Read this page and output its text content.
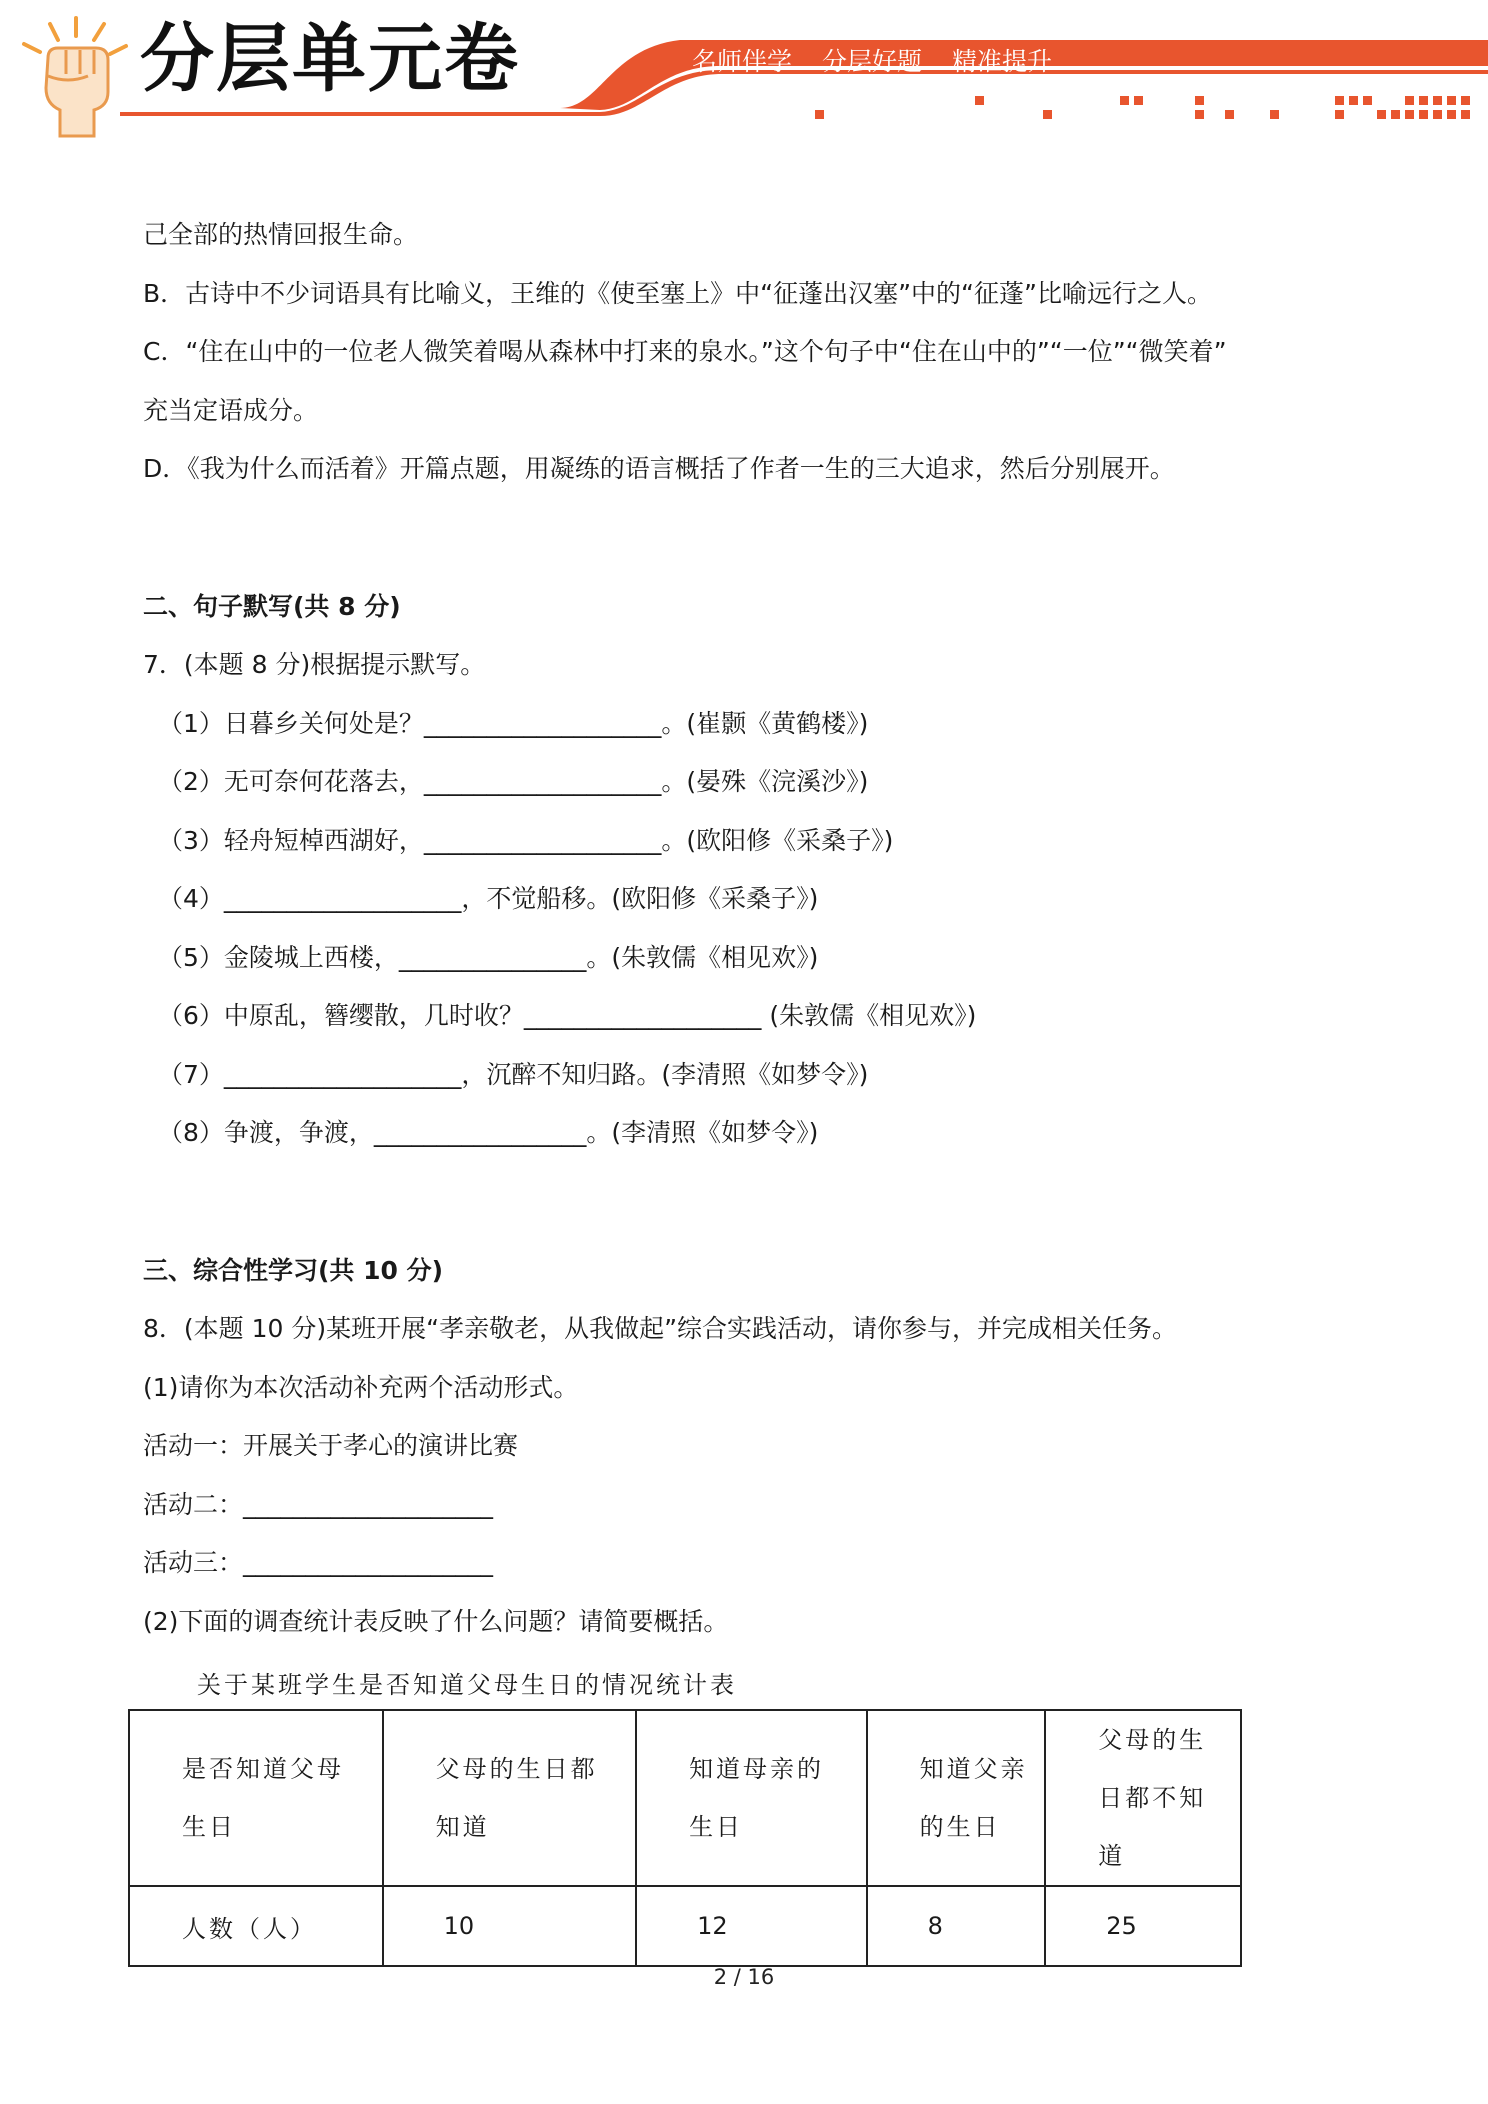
分层单元卷	名师伴学 分层好题 精准提升
己全部的热情回报生命。
B．古诗中不少词语具有比喻义，王维的《使至塞上》中“征蓬出汉塞”中的“征蓬”比喻远行之人。
C．“住在山中的一位老人微笑着喝从森林中打来的泉水。”这个句子中“住在山中的”“一位”“微笑着”
充当定语成分。
D．《我为什么而活着》开篇点题，用凝练的语言概括了作者一生的三大追求，然后分别展开。
二、句子默写(共 8 分)
7．(本题 8 分)根据提示默写。
（1）日暮乡关何处是？___________________。(崔颢《黄鹤楼》)
（2）无可奈何花落去，___________________。(晏殊《浣溪沙》)
（3）轻舟短棹西湖好，___________________。(欧阳修《采桑子》)
（4）___________________，不觉船移。(欧阳修《采桑子》)
（5）金陵城上西楼，_______________。(朱敦儒《相见欢》)
（6）中原乱，簪缨散，几时收？___________________ (朱敦儒《相见欢》)
（7）___________________，沉醉不知归路。(李清照《如梦令》)
（8）争渡，争渡，_________________。(李清照《如梦令》)
三、综合性学习(共 10 分)
8．(本题 10 分)某班开展“孝亲敬老，从我做起”综合实践活动，请你参与，并完成相关任务。
(1)请你为本次活动补充两个活动形式。
活动一：开展关于孝心的演讲比赛
活动二：____________________
活动三：____________________
(2)下面的调查统计表反映了什么问题？请简要概括。
关于某班学生是否知道父母生日的情况统计表
是否知道父母生日	父母的生日都知道	知道母亲的生日	知道父亲的生日	父母的生日都不知道
人数（人）	10	12	8	25
2 / 16
